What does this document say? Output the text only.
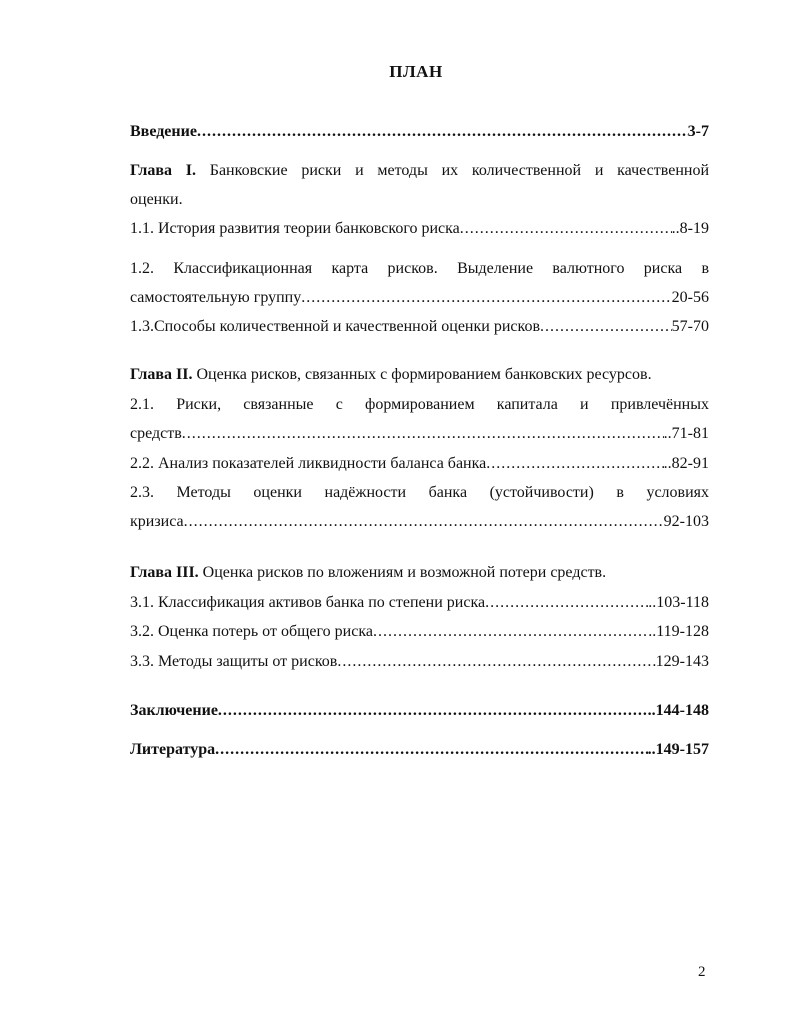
ПЛАН
Введение .....	3-7
Глава I. Банковские риски и методы их количественной и качественной
оценки.
1.1. История развития теории банковского риска .....	..8-19
1.2. Классификационная карта рисков. Выделение валютного риска в
самостоятельную группу .....	20-56
1.3.Способы количественной и качественной оценки рисков .....	57-70
Глава II. Оценка рисков, связанных с формированием банковских ресурсов.
2.1. Риски, связанные с формированием капитала и привлечённых
средств .....	..71-81
2.2. Анализ показателей ликвидности баланса банка .....	..82-91
2.3. Методы оценки надёжности банка (устойчивости) в условиях
кризиса .....	92-103
Глава III. Оценка рисков по вложениям и возможной потери средств.
3.1. Классификация активов банка по степени риска .....	..103-118
3.2. Оценка потерь от общего риска .....	..119-128
3.3. Методы защиты от рисков .....	129-143
Заключение .....	..144-148
Литература .....	..149-157
2
